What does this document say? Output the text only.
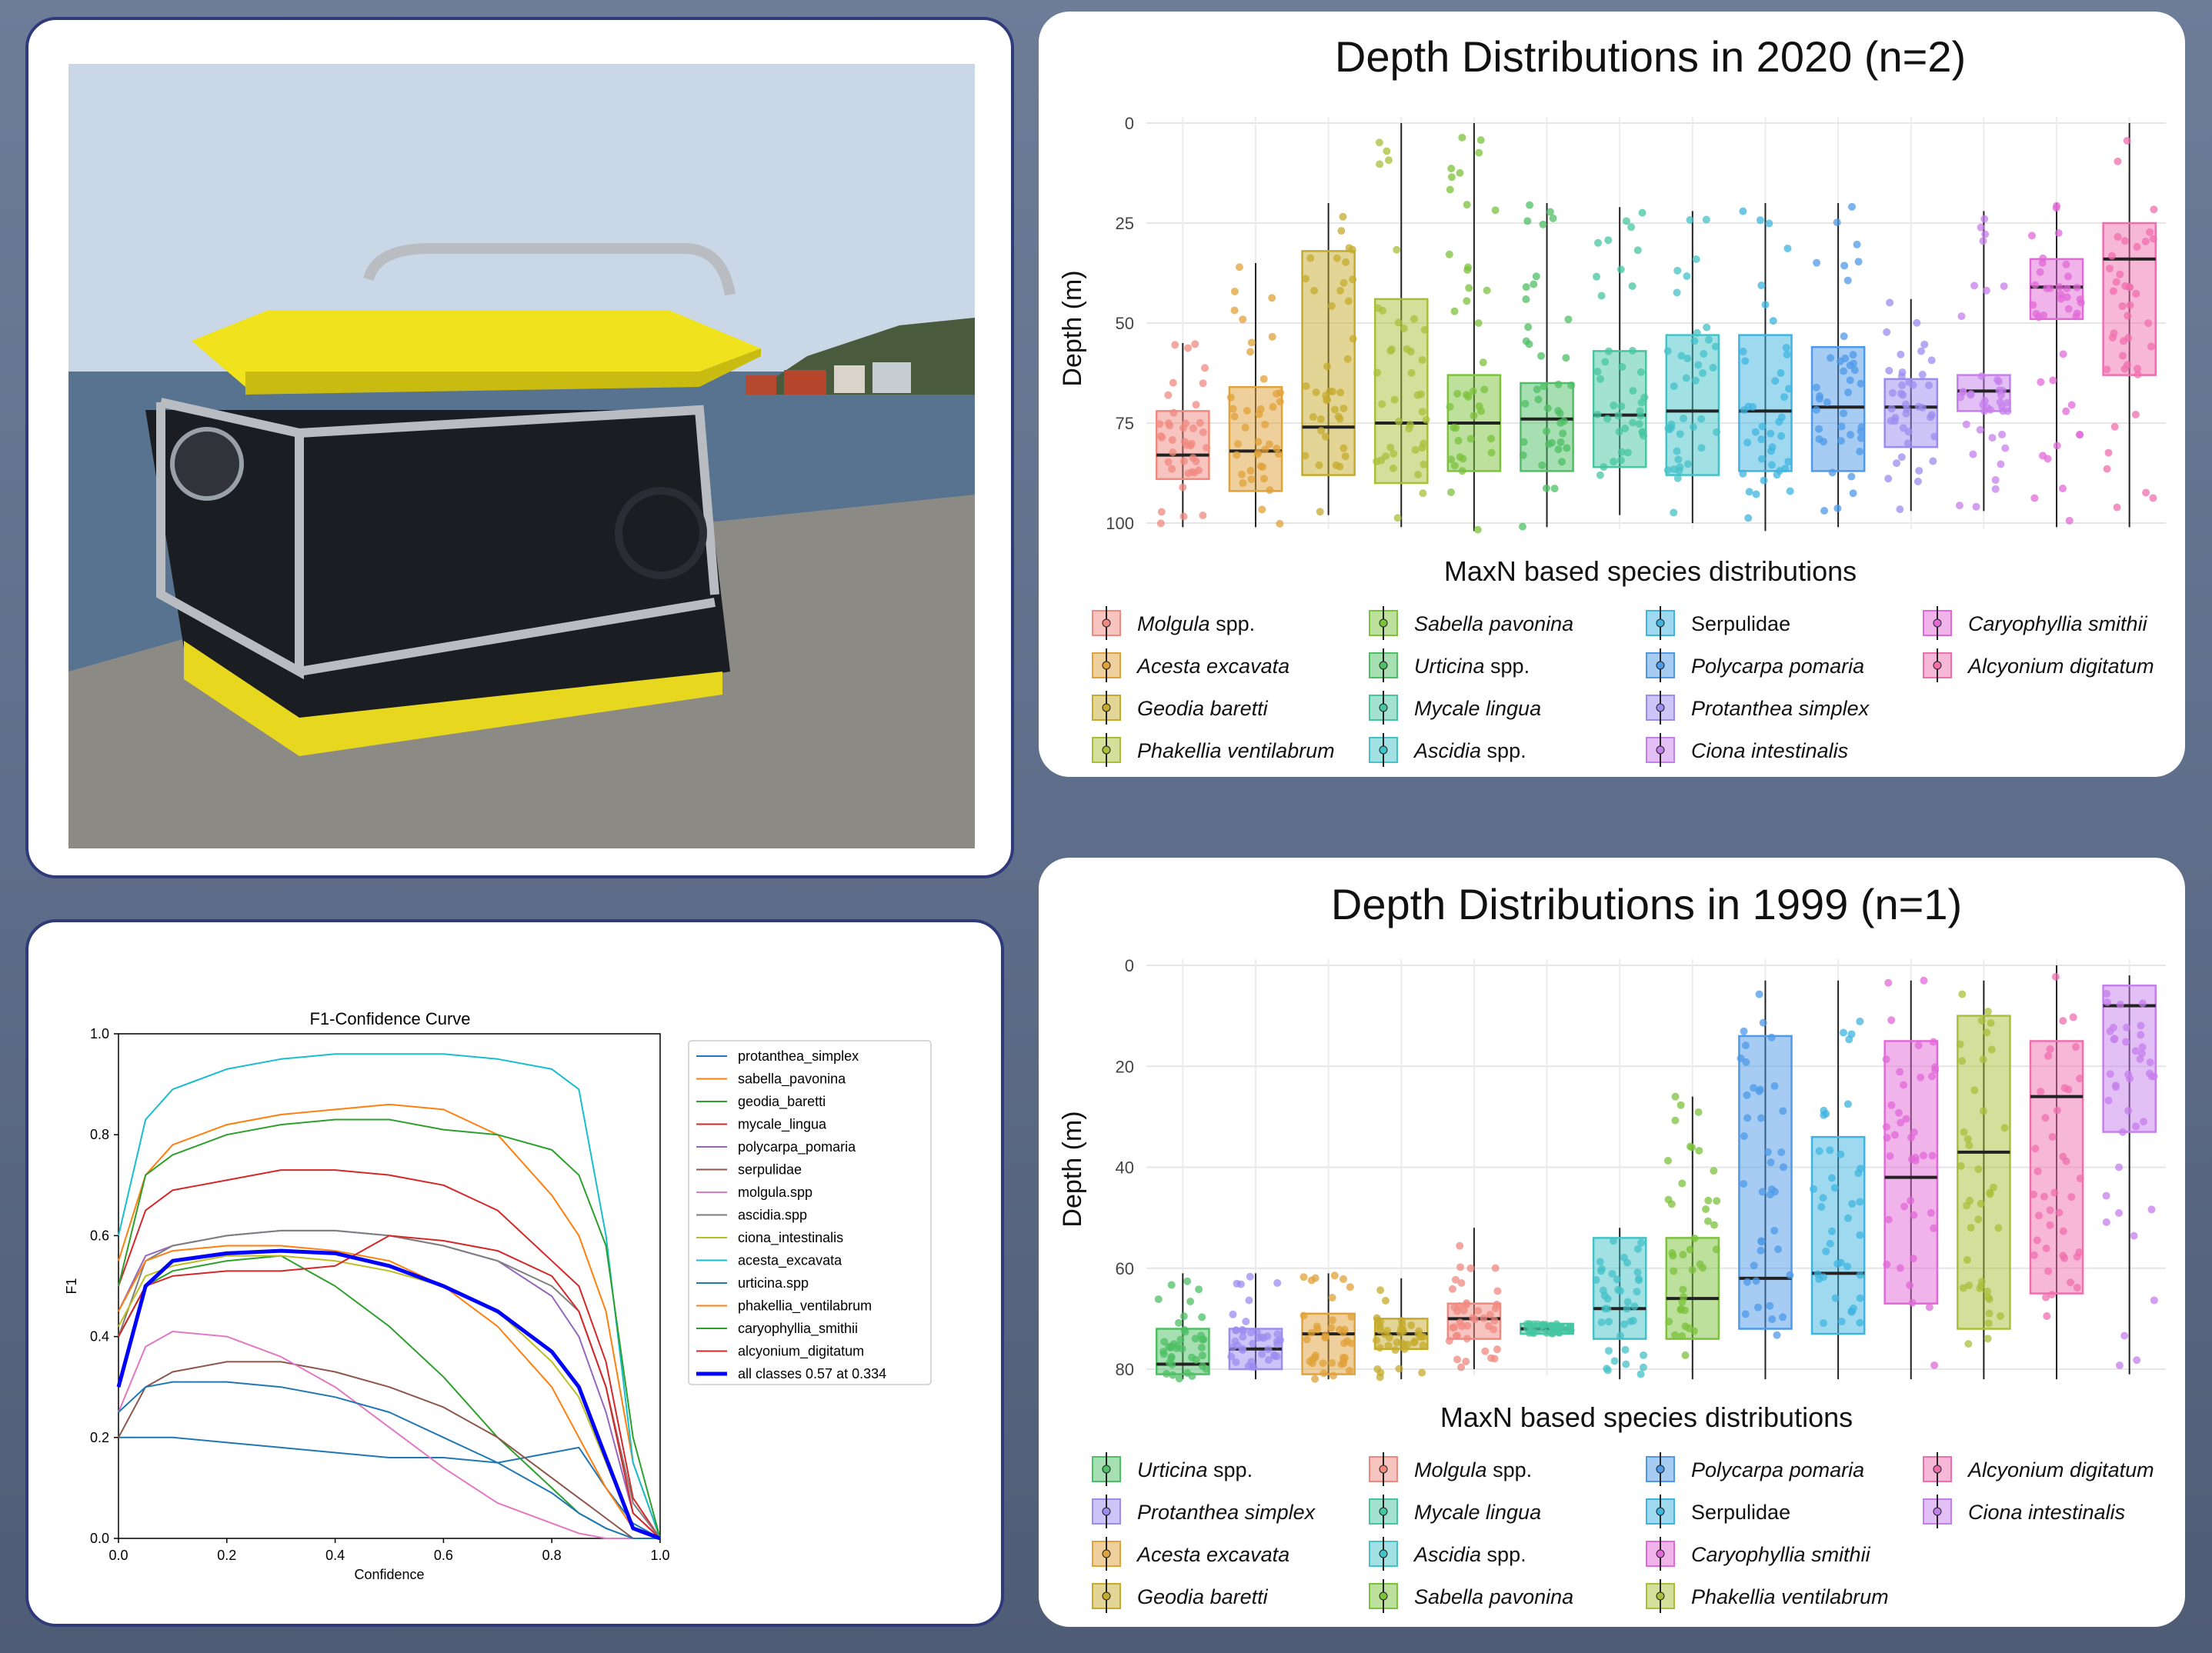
F1-Confidence Curve
0.0	0.2	0.4	0.6	0.8	1.0
0.0
0.2
0.4
0.6
0.8
1.0
Confidence
F1
protanthea_simplex
sabella_pavonina
geodia_baretti
mycale_lingua
polycarpa_pomaria
serpulidae
molgula.spp
ascidia.spp
ciona_intestinalis
acesta_excavata
urticina.spp
phakellia_ventilabrum
caryophyllia_smithii
alcyonium_digitatum
all classes 0.57 at 0.334
Depth Distributions in 2020 (n=2)
Depth (m)
MaxN based species distributions
0
25
50
75
100
Molgula spp.
Acesta excavata
Geodia baretti
Phakellia ventilabrum
Sabella pavonina
Urticina spp.
Mycale lingua
Ascidia spp.
Serpulidae
Polycarpa pomaria
Protanthea simplex
Ciona intestinalis
Caryophyllia smithii
Alcyonium digitatum
Depth Distributions in 1999 (n=1)
Depth (m)
MaxN based species distributions
0
20
40
60
80
Urticina spp.
Protanthea simplex
Acesta excavata
Geodia baretti
Molgula spp.
Mycale lingua
Ascidia spp.
Sabella pavonina
Polycarpa pomaria
Serpulidae
Caryophyllia smithii
Phakellia ventilabrum
Alcyonium digitatum
Ciona intestinalis
